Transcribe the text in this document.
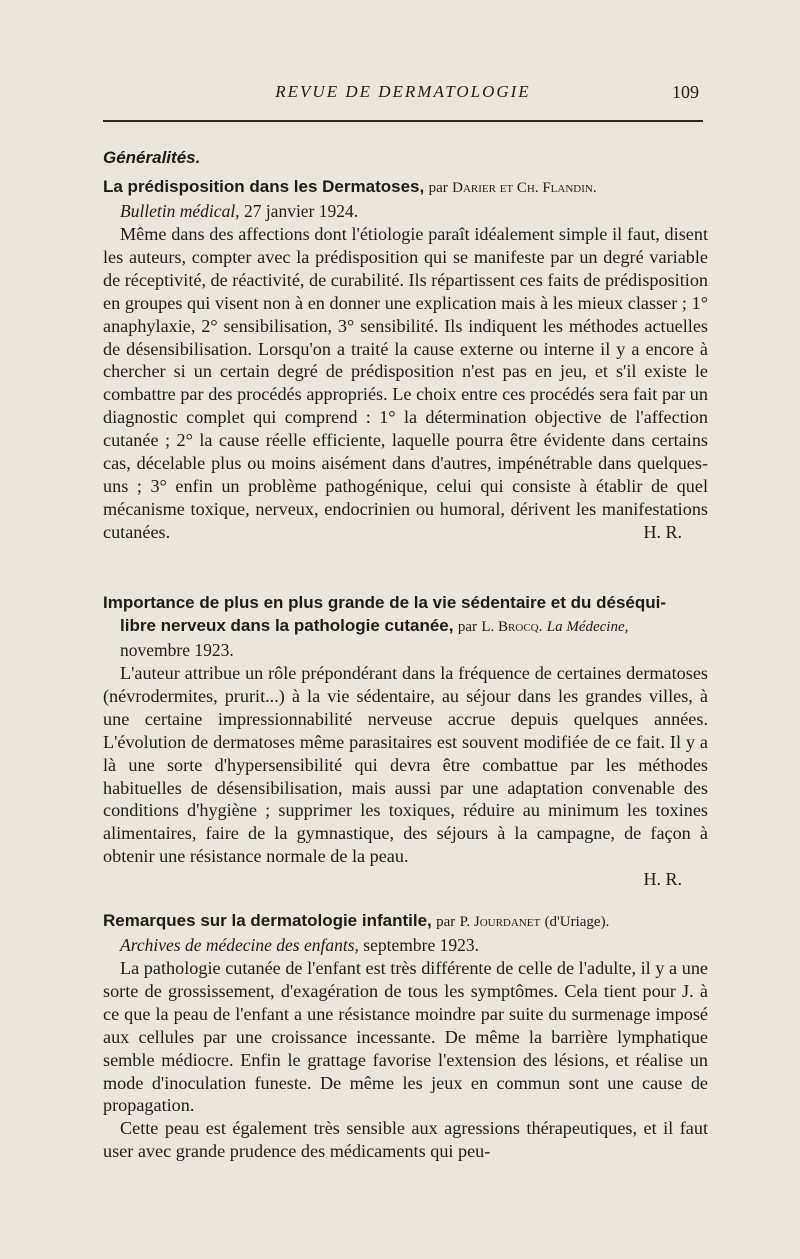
REVUE DE DERMATOLOGIE	109
Généralités.

La prédisposition dans les Dermatoses, par Darier et Ch. Flandin.

Bulletin médical, 27 janvier 1924.

Même dans des affections dont l'étiologie paraît idéalement simple il faut, disent les auteurs, compter avec la prédisposition qui se manifeste par un degré variable de réceptivité, de réactivité, de curabilité. Ils répartissent ces faits de prédisposition en groupes qui visent non à en donner une explication mais à les mieux classer ; 1° anaphylaxie, 2° sensibilisation, 3° sensibilité. Ils indiquent les méthodes actuelles de désensibilisation. Lorsqu'on a traité la cause externe ou interne il y a encore à chercher si un certain degré de prédisposition n'est pas en jeu, et s'il existe le combattre par des procédés appropriés. Le choix entre ces procédés sera fait par un diagnostic complet qui comprend : 1° la détermination objective de l'affection cutanée ; 2° la cause réelle efficiente, laquelle pourra être évidente dans certains cas, décelable plus ou moins aisément dans d'autres, impénétrable dans quelques-uns ; 3° enfin un problème pathogénique, celui qui consiste à établir de quel mécanisme toxique, nerveux, endocrinien ou humoral, dérivent les manifestations cutanées.	H. R.
Importance de plus en plus grande de la vie sédentaire et du déséqui-
libre nerveux dans la pathologie cutanée, par L. Brocq. La Médecine,
novembre 1923.

L'auteur attribue un rôle prépondérant dans la fréquence de certaines dermatoses (névrodermites, prurit...) à la vie sédentaire, au séjour dans les grandes villes, à une certaine impressionnabilité nerveuse accrue depuis quelques années. L'évolution de dermatoses même parasitaires est souvent modifiée de ce fait. Il y a là une sorte d'hypersensibilité qui devra être combattue par les méthodes habituelles de désensibilisation, mais aussi par une adaptation convenable des conditions d'hygiène ; supprimer les toxiques, réduire au minimum les toxines alimentaires, faire de la gymnastique, des séjours à la campagne, de façon à obtenir une résistance normale de la peau.

H. R.

Remarques sur la dermatologie infantile, par P. Jourdanet (d'Uriage).

Archives de médecine des enfants, septembre 1923.

La pathologie cutanée de l'enfant est très différente de celle de l'adulte, il y a une sorte de grossissement, d'exagération de tous les symptômes. Cela tient pour J. à ce que la peau de l'enfant a une résistance moindre par suite du surmenage imposé aux cellules par une croissance incessante. De même la barrière lymphatique semble médiocre. Enfin le grattage favorise l'extension des lésions, et réalise un mode d'inoculation funeste. De même les jeux en commun sont une cause de propagation.

Cette peau est également très sensible aux agressions thérapeutiques, et il faut user avec grande prudence des médicaments qui peu-
